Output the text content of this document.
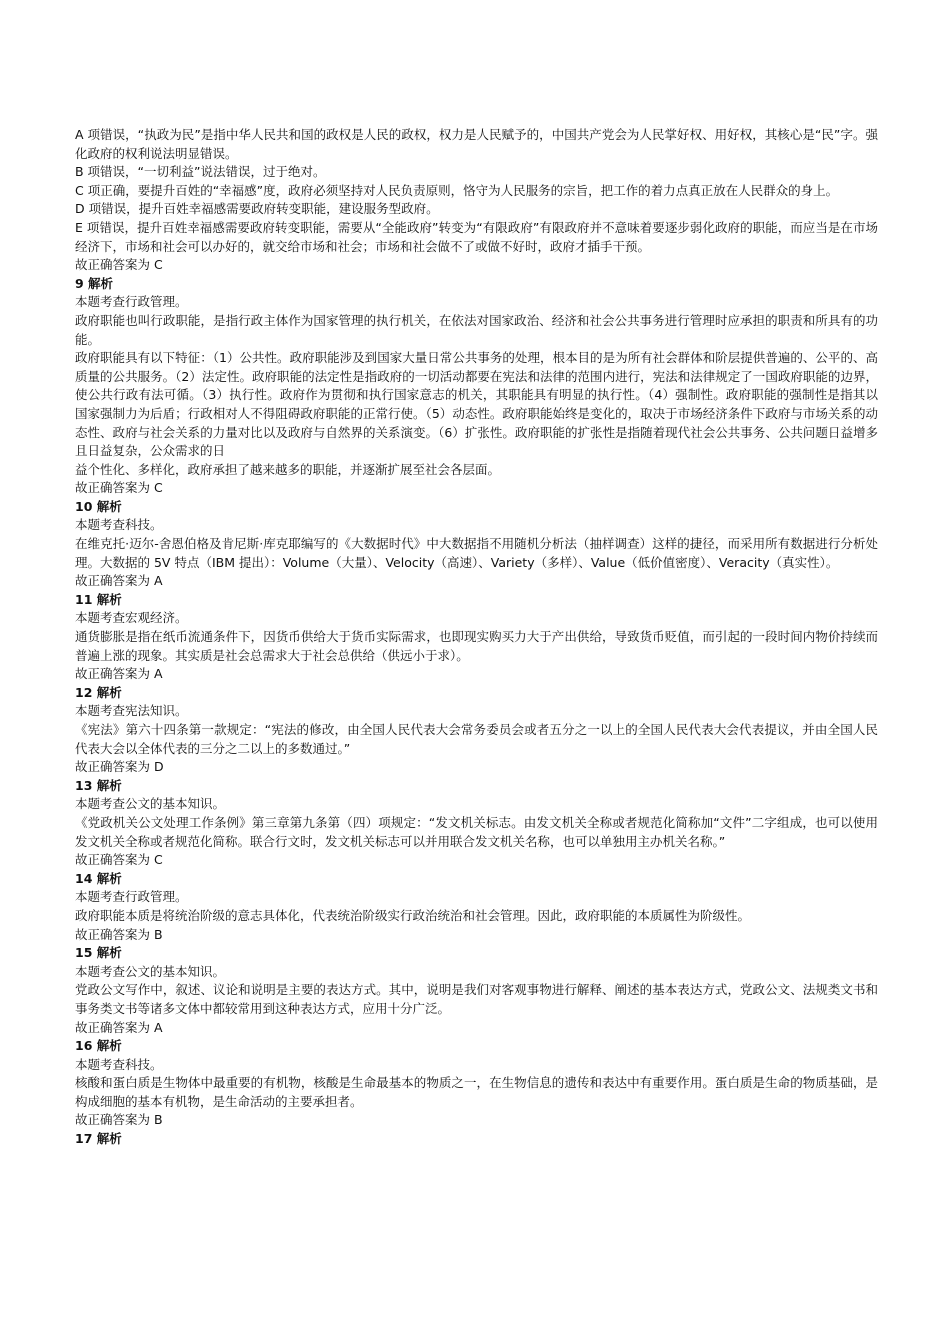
A 项错误，“执政为民”是指中华人民共和国的政权是人民的政权，权力是人民赋予的，中国共产党会为人民掌好权、用好权，其核心是“民”字。强化政府的权利说法明显错误。

B 项错误，“一切利益”说法错误，过于绝对。

C 项正确，要提升百姓的“幸福感”度，政府必须坚持对人民负责原则，恪守为人民服务的宗旨，把工作的着力点真正放在人民群众的身上。

D 项错误，提升百姓幸福感需要政府转变职能，建设服务型政府。

E 项错误，提升百姓幸福感需要政府转变职能，需要从“全能政府”转变为“有限政府”有限政府并不意味着要逐步弱化政府的职能，而应当是在市场经济下，市场和社会可以办好的，就交给市场和社会；市场和社会做不了或做不好时，政府才插手干预。

故正确答案为 C

9 解析

本题考查行政管理。

政府职能也叫行政职能，是指行政主体作为国家管理的执行机关，在依法对国家政治、经济和社会公共事务进行管理时应承担的职责和所具有的功能。

政府职能具有以下特征：（1）公共性。政府职能涉及到国家大量日常公共事务的处理，根本目的是为所有社会群体和阶层提供普遍的、公平的、高质量的公共服务。（2）法定性。政府职能的法定性是指政府的一切活动都要在宪法和法律的范围内进行，宪法和法律规定了一国政府职能的边界，使公共行政有法可循。（3）执行性。政府作为贯彻和执行国家意志的机关，其职能具有明显的执行性。（4）强制性。政府职能的强制性是指其以国家强制力为后盾；行政相对人不得阻碍政府职能的正常行使。（5）动态性。政府职能始终是变化的，取决于市场经济条件下政府与市场关系的动态性、政府与社会关系的力量对比以及政府与自然界的关系演变。（6）扩张性。政府职能的扩张性是指随着现代社会公共事务、公共问题日益增多且日益复杂，公众需求的日

益个性化、多样化，政府承担了越来越多的职能，并逐渐扩展至社会各层面。

故正确答案为 C

10 解析

本题考查科技。

在维克托·迈尔-舍恩伯格及肯尼斯·库克耶编写的《大数据时代》中大数据指不用随机分析法（抽样调查）这样的捷径，而采用所有数据进行分析处理。大数据的 5V 特点（IBM 提出）：Volume（大量）、Velocity（高速）、Variety（多样）、Value（低价值密度）、Veracity（真实性）。

故正确答案为 A

11 解析

本题考查宏观经济。

通货膨胀是指在纸币流通条件下，因货币供给大于货币实际需求，也即现实购买力大于产出供给，导致货币贬值，而引起的一段时间内物价持续而普遍上涨的现象。其实质是社会总需求大于社会总供给（供远小于求）。

故正确答案为 A

12 解析

本题考查宪法知识。

《宪法》第六十四条第一款规定：“宪法的修改，由全国人民代表大会常务委员会或者五分之一以上的全国人民代表大会代表提议，并由全国人民代表大会以全体代表的三分之二以上的多数通过。”

故正确答案为 D

13 解析

本题考查公文的基本知识。

《党政机关公文处理工作条例》第三章第九条第（四）项规定：“发文机关标志。由发文机关全称或者规范化简称加“文件”二字组成，也可以使用发文机关全称或者规范化简称。联合行文时，发文机关标志可以并用联合发文机关名称，也可以单独用主办机关名称。”

故正确答案为 C

14 解析

本题考查行政管理。

政府职能本质是将统治阶级的意志具体化，代表统治阶级实行政治统治和社会管理。因此，政府职能的本质属性为阶级性。

故正确答案为 B

15 解析

本题考查公文的基本知识。

党政公文写作中，叙述、议论和说明是主要的表达方式。其中，说明是我们对客观事物进行解释、阐述的基本表达方式，党政公文、法规类文书和事务类文书等诸多文体中都较常用到这种表达方式，应用十分广泛。

故正确答案为 A

16 解析

本题考查科技。

核酸和蛋白质是生物体中最重要的有机物，核酸是生命最基本的物质之一，在生物信息的遗传和表达中有重要作用。蛋白质是生命的物质基础，是构成细胞的基本有机物，是生命活动的主要承担者。

故正确答案为 B

17 解析
